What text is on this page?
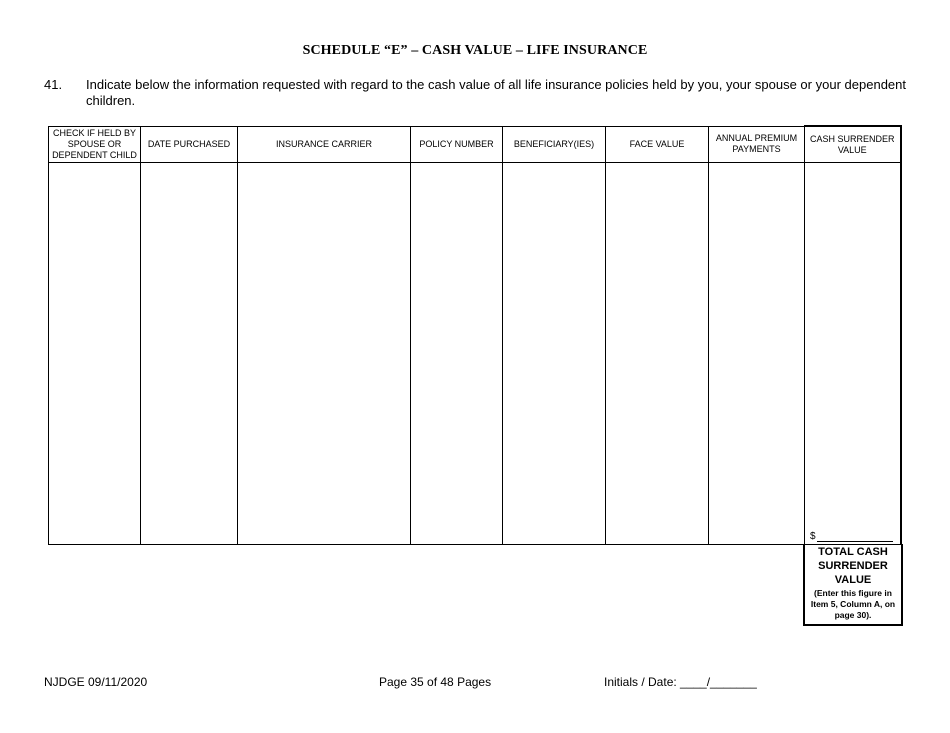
SCHEDULE “E” – CASH VALUE – LIFE INSURANCE
41. Indicate below the information requested with regard to the cash value of all life insurance policies held by you, your spouse or your dependent children.
CHECK IF HELD BY SPOUSE OR DEPENDENT CHILD	DATE PURCHASED	INSURANCE CARRIER	POLICY NUMBER	BENEFICIARY(IES)	FACE VALUE	ANNUAL PREMIUM PAYMENTS	CASH SURRENDER VALUE

$
TOTAL CASH SURRENDER VALUE
(Enter this figure in Item 5, Column A, on page 30).
NJDGE 09/11/2020	Page 35 of 48 Pages	Initials / Date: ____/_______
